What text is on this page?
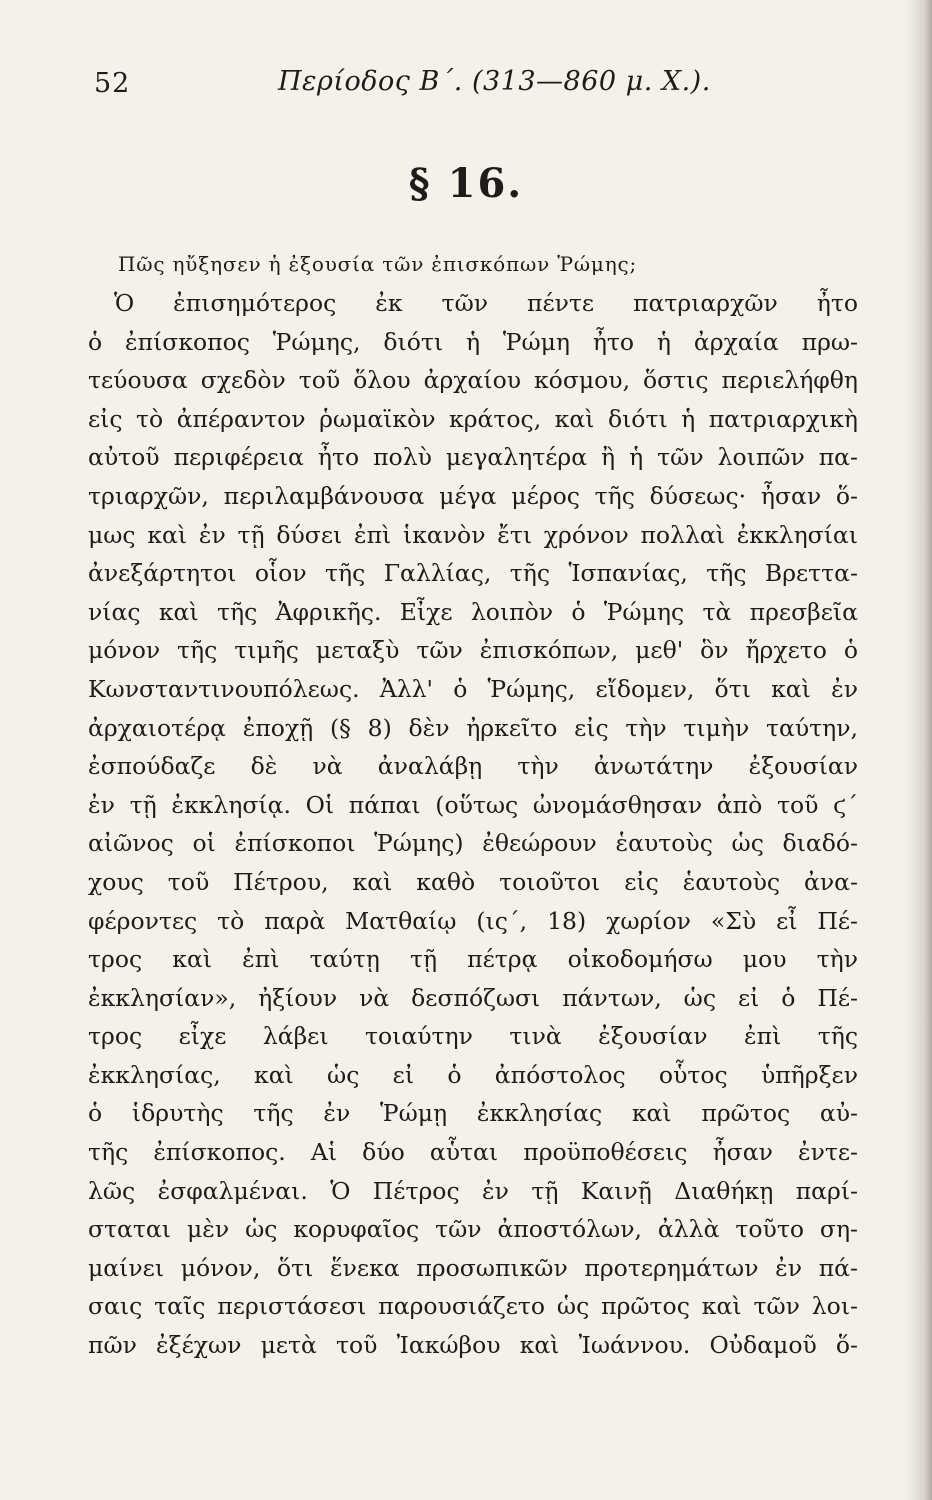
52	Περίοδος Β΄. (313—860 μ. Χ.).
§ 16.
Πῶς ηὔξησεν ἡ ἐξουσία τῶν ἐπισκόπων Ῥώμης;
Ὁ ἐπισημότερος ἐκ τῶν πέντε πατριαρχῶν ἦτο
ὁ ἐπίσκοπος Ῥώμης, διότι ἡ Ῥώμη ἦτο ἡ ἀρχαία πρω-
τεύουσα σχεδὸν τοῦ ὅλου ἀρχαίου κόσμου, ὅστις περιελήφθη
εἰς τὸ ἀπέραντον ῥωμαϊκὸν κράτος, καὶ διότι ἡ πατριαρχικὴ
αὐτοῦ περιφέρεια ἦτο πολὺ μεγαλητέρα ἢ ἡ τῶν λοιπῶν πα-
τριαρχῶν, περιλαμβάνουσα μέγα μέρος τῆς δύσεως· ἦσαν ὅ-
μως καὶ ἐν τῇ δύσει ἐπὶ ἱκανὸν ἔτι χρόνον πολλαὶ ἐκκλησίαι
ἀνεξάρτητοι οἷον τῆς Γαλλίας, τῆς Ἱσπανίας, τῆς Βρεττα-
νίας καὶ τῆς Ἀφρικῆς. Εἶχε λοιπὸν ὁ Ῥώμης τὰ πρεσβεῖα
μόνον τῆς τιμῆς μεταξὺ τῶν ἐπισκόπων, μεθ' ὃν ἤρχετο ὁ
Κωνσταντινουπόλεως. Ἀλλ' ὁ Ῥώμης, εἴδομεν, ὅτι καὶ ἐν
ἀρχαιοτέρᾳ ἐποχῇ (§ 8) δὲν ἠρκεῖτο εἰς τὴν τιμὴν ταύτην,
ἐσπούδαζε δὲ νὰ ἀναλάβῃ τὴν ἀνωτάτην ἐξουσίαν
ἐν τῇ ἐκκλησίᾳ. Οἱ πάπαι (οὕτως ὠνομάσθησαν ἀπὸ τοῦ ϛ΄
αἰῶνος οἱ ἐπίσκοποι Ῥώμης) ἐθεώρουν ἑαυτοὺς ὡς διαδό-
χους τοῦ Πέτρου, καὶ καθὸ τοιοῦτοι εἰς ἑαυτοὺς ἀνα-
φέροντες τὸ παρὰ Ματθαίῳ (ις΄, 18) χωρίον «Σὺ εἶ Πέ-
τρος καὶ ἐπὶ ταύτῃ τῇ πέτρᾳ οἰκοδομήσω μου τὴν
ἐκκλησίαν», ἠξίουν νὰ δεσπόζωσι πάντων, ὡς εἰ ὁ Πέ-
τρος εἶχε λάβει τοιαύτην τινὰ ἐξουσίαν ἐπὶ τῆς
ἐκκλησίας, καὶ ὡς εἰ ὁ ἀπόστολος οὗτος ὑπῆρξεν
ὁ ἱδρυτὴς τῆς ἐν Ῥώμῃ ἐκκλησίας καὶ πρῶτος αὐ-
τῆς ἐπίσκοπος. Αἱ δύο αὗται προϋποθέσεις ἦσαν ἐντε-
λῶς ἐσφαλμέναι. Ὁ Πέτρος ἐν τῇ Καινῇ Διαθήκῃ παρί-
σταται μὲν ὡς κορυφαῖος τῶν ἀποστόλων, ἀλλὰ τοῦτο ση-
μαίνει μόνον, ὅτι ἕνεκα προσωπικῶν προτερημάτων ἐν πά-
σαις ταῖς περιστάσεσι παρουσιάζετο ὡς πρῶτος καὶ τῶν λοι-
πῶν ἐξέχων μετὰ τοῦ Ἰακώβου καὶ Ἰωάννου. Οὐδαμοῦ ὅ-
